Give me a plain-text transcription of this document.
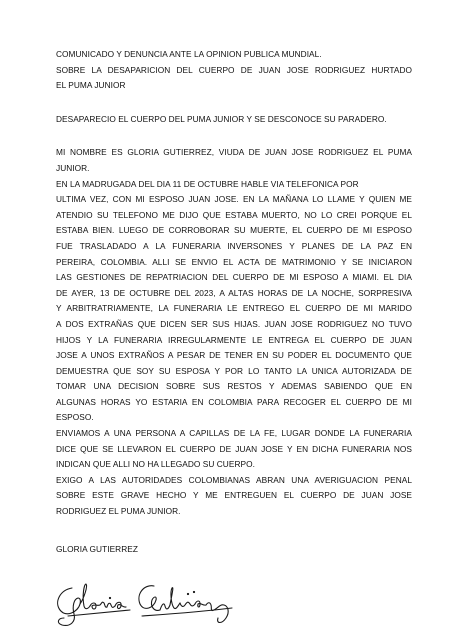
COMUNICADO Y DENUNCIA ANTE LA OPINION PUBLICA MUNDIAL.
SOBRE LA DESAPARICION DEL CUERPO DE JUAN JOSE RODRIGUEZ HURTADO
EL PUMA JUNIOR
DESAPARECIO EL CUERPO DEL PUMA JUNIOR Y SE DESCONOCE SU PARADERO.
MI NOMBRE ES GLORIA GUTIERREZ, VIUDA DE JUAN JOSE RODRIGUEZ EL PUMA
JUNIOR.
EN LA MADRUGADA DEL DIA 11 DE OCTUBRE HABLE VIA TELEFONICA POR
ULTIMA VEZ, CON MI ESPOSO JUAN JOSE. EN LA MAÑANA LO LLAME Y QUIEN ME
ATENDIO SU TELEFONO ME DIJO QUE ESTABA MUERTO, NO LO CREI PORQUE EL
ESTABA BIEN. LUEGO DE CORROBORAR SU MUERTE, EL CUERPO DE MI ESPOSO
FUE TRASLADADO A LA FUNERARIA INVERSONES Y PLANES DE LA PAZ EN
PEREIRA, COLOMBIA. ALLI SE ENVIO EL ACTA DE MATRIMONIO Y SE INICIARON
LAS GESTIONES DE REPATRIACION DEL CUERPO DE MI ESPOSO A MIAMI. EL DIA
DE AYER, 13 DE OCTUBRE DEL 2023, A ALTAS HORAS DE LA NOCHE, SORPRESIVA
Y ARBITRATRIAMENTE, LA FUNERARIA LE ENTREGO EL CUERPO DE MI MARIDO
A DOS EXTRAÑAS QUE DICEN SER SUS HIJAS. JUAN JOSE RODRIGUEZ NO TUVO
HIJOS Y LA FUNERARIA IRREGULARMENTE LE ENTREGA EL CUERPO DE JUAN
JOSE A UNOS EXTRAÑOS A PESAR DE TENER EN SU PODER EL DOCUMENTO QUE
DEMUESTRA QUE SOY SU ESPOSA Y POR LO TANTO LA UNICA AUTORIZADA DE
TOMAR UNA DECISION SOBRE SUS RESTOS Y ADEMAS SABIENDO QUE EN
ALGUNAS HORAS YO ESTARIA EN COLOMBIA PARA RECOGER EL CUERPO DE MI
ESPOSO.
ENVIAMOS A UNA PERSONA A CAPILLAS DE LA FE, LUGAR DONDE LA FUNERARIA
DICE QUE SE LLEVARON EL CUERPO DE JUAN JOSE Y EN DICHA FUNERARIA NOS
INDICAN QUE ALLI NO HA LLEGADO SU CUERPO.
EXIGO A LAS AUTORIDADES COLOMBIANAS ABRAN UNA AVERIGUACION PENAL
SOBRE ESTE GRAVE HECHO Y ME ENTREGUEN EL CUERPO DE JUAN JOSE
RODRIGUEZ EL PUMA JUNIOR.
GLORIA GUTIERREZ
